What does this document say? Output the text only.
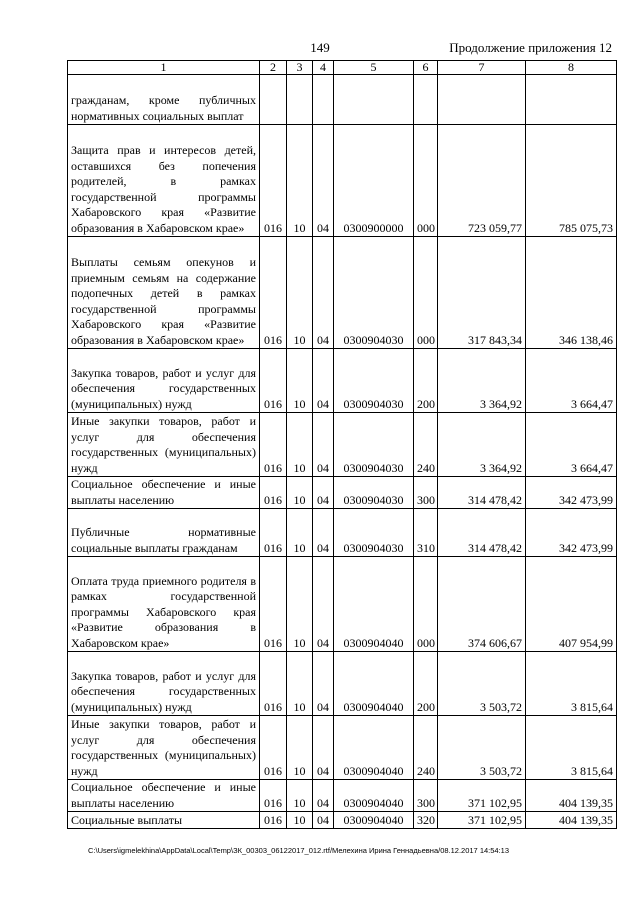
149	Продолжение приложения 12
1	2	3	4	5	6	7	8
гражданам, кроме публичных нормативных социальных выплат							
Защита прав и интересов детей, оставшихся без попечения родителей, в рамках государственной программы Хабаровского края «Развитие образования в Хабаровском крае»	016	10	04	0300900000	000	723 059,77	785 075,73
Выплаты семьям опекунов и приемным семьям на содержание подопечных детей в рамках государственной программы Хабаровского края «Развитие образования в Хабаровском крае»	016	10	04	0300904030	000	317 843,34	346 138,46
Закупка товаров, работ и услуг для обеспечения государственных (муниципальных) нужд	016	10	04	0300904030	200	3 364,92	3 664,47
Иные закупки товаров, работ и услуг для обеспечения государственных (муниципальных) нужд	016	10	04	0300904030	240	3 364,92	3 664,47
Социальное обеспечение и иные выплаты населению	016	10	04	0300904030	300	314 478,42	342 473,99
Публичные нормативные социальные выплаты гражданам	016	10	04	0300904030	310	314 478,42	342 473,99
Оплата труда приемного родителя в рамках государственной программы Хабаровского края «Развитие образования в Хабаровском крае»	016	10	04	0300904040	000	374 606,67	407 954,99
Закупка товаров, работ и услуг для обеспечения государственных (муниципальных) нужд	016	10	04	0300904040	200	3 503,72	3 815,64
Иные закупки товаров, работ и услуг для обеспечения государственных (муниципальных) нужд	016	10	04	0300904040	240	3 503,72	3 815,64
Социальное обеспечение и иные выплаты населению	016	10	04	0300904040	300	371 102,95	404 139,35
Социальные выплаты	016	10	04	0300904040	320	371 102,95	404 139,35
C:\Users\igmelekhina\AppData\Local\Temp\ЗК_00303_06122017_012.rtf/Мелехина Ирина Геннадьевна/08.12.2017 14:54:13
